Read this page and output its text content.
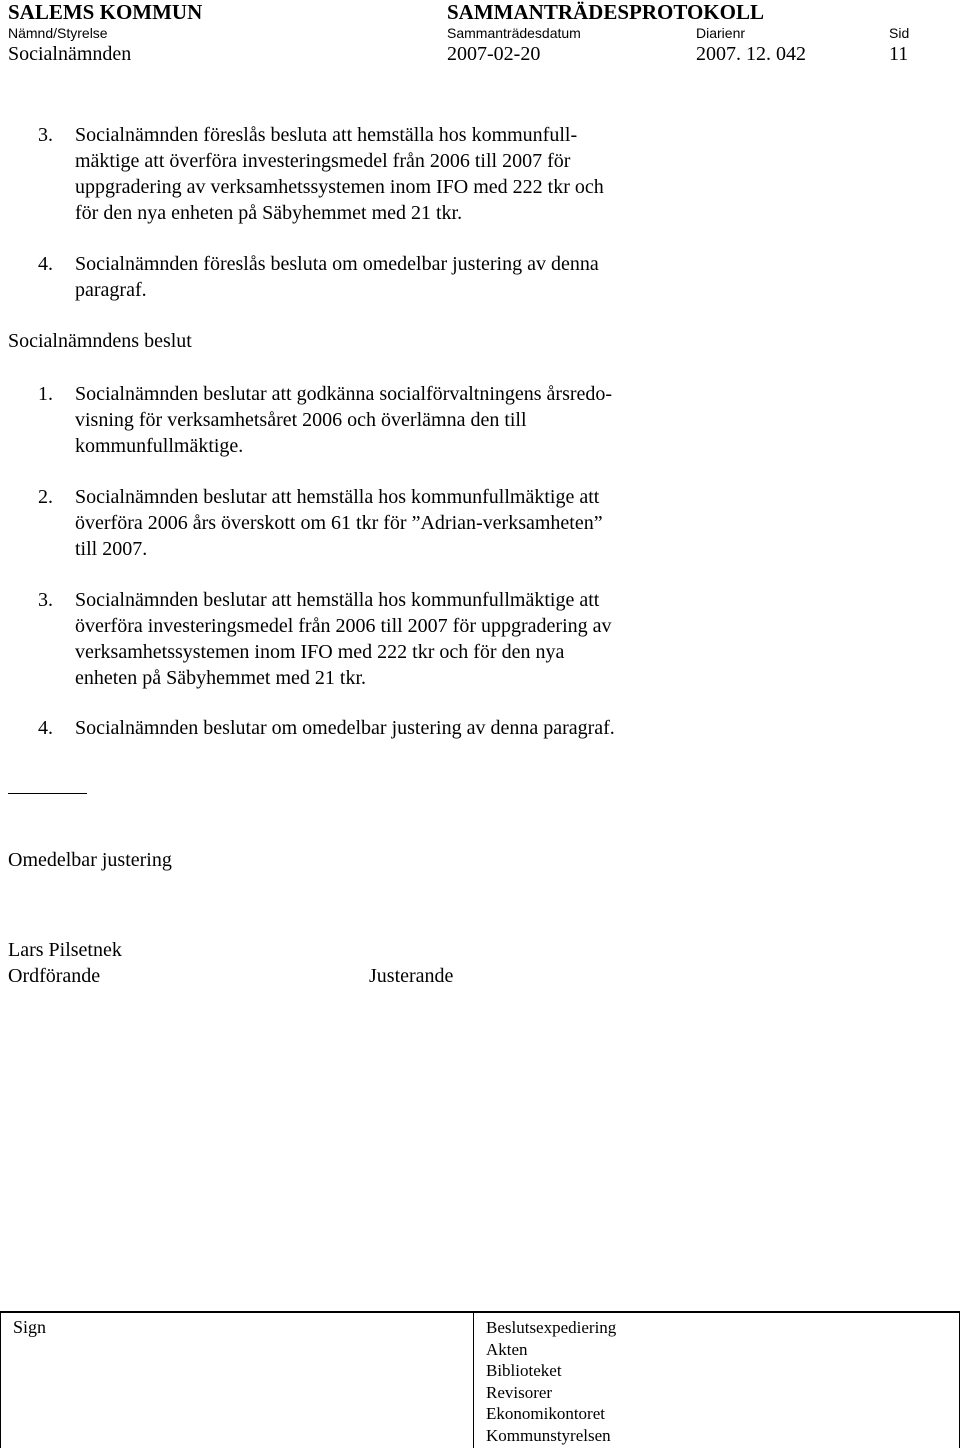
SALEMS KOMMUN	SAMMANTRÄDESPROTOKOLL
Nämnd/Styrelse	Sammanträdesdatum	Diarienr	Sid
Socialnämnden	2007-02-20	2007. 12. 042	11
3. Socialnämnden föreslås besluta att hemställa hos kommunfull-
mäktige att överföra investeringsmedel från 2006 till 2007 för
uppgradering av verksamhetssystemen inom IFO med 222 tkr och
för den nya enheten på Säbyhemmet med 21 tkr.
4. Socialnämnden föreslås besluta om omedelbar justering av denna
paragraf.
Socialnämndens beslut
1. Socialnämnden beslutar att godkänna socialförvaltningens årsredo-
visning för verksamhetsåret 2006 och överlämna den till
kommunfullmäktige.
2. Socialnämnden beslutar att hemställa hos kommunfullmäktige att
överföra 2006 års överskott om 61 tkr för ”Adrian-verksamheten”
till 2007.
3. Socialnämnden beslutar att hemställa hos kommunfullmäktige att
överföra investeringsmedel från 2006 till 2007 för uppgradering av
verksamhetssystemen inom IFO med 222 tkr och för den nya
enheten på Säbyhemmet med 21 tkr.
4. Socialnämnden beslutar om omedelbar justering av denna paragraf.
Omedelbar justering
Lars Pilsetnek
Ordförande	Justerande
Sign	Beslutsexpediering
Akten
Biblioteket
Revisorer
Ekonomikontoret
Kommunstyrelsen
